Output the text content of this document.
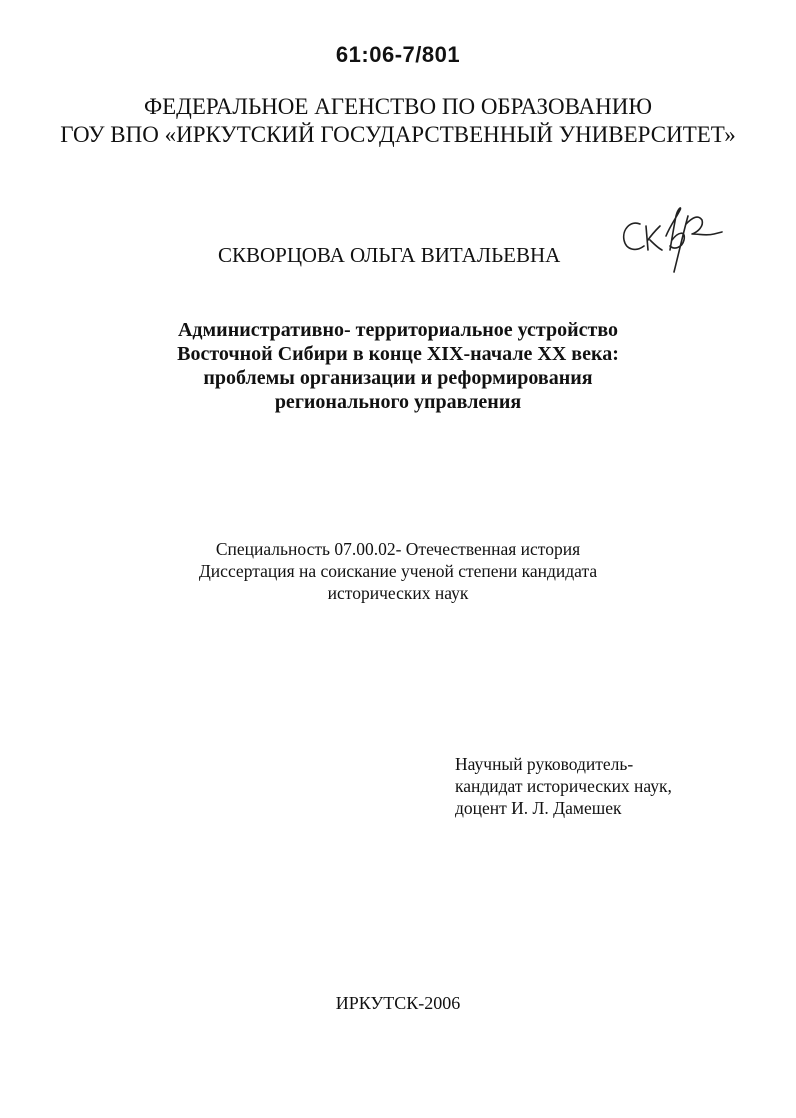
61:06-7/801
ФЕДЕРАЛЬНОЕ АГЕНСТВО ПО ОБРАЗОВАНИЮ
ГОУ ВПО «ИРКУТСКИЙ ГОСУДАРСТВЕННЫЙ УНИВЕРСИТЕТ»
СКВОРЦОВА ОЛЬГА ВИТАЛЬЕВНА
Административно- территориальное устройство
Восточной Сибири в конце XIX-начале XX века:
проблемы организации и реформирования
регионального управления
Специальность 07.00.02- Отечественная история
Диссертация на соискание ученой степени кандидата
исторических наук
Научный руководитель-
кандидат исторических наук,
доцент И. Л. Дамешек
ИРКУТСК-2006
